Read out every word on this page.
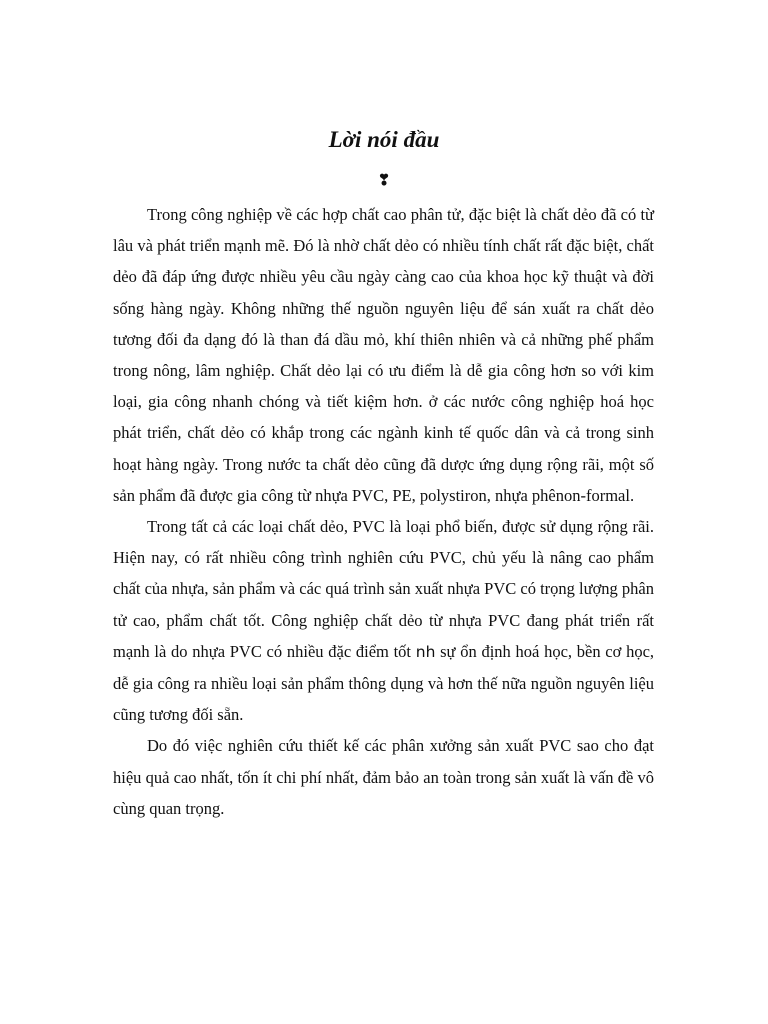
Lời nói đầu
❣

Trong công nghiệp về các hợp chất cao phân tử, đặc biệt là chất dẻo đã có từ lâu và phát triển mạnh mẽ. Đó là nhờ chất dẻo có nhiều tính chất rất đặc biệt, chất dẻo đã đáp ứng được nhiều yêu cầu ngày càng cao của khoa học kỹ thuật và đời sống hàng ngày. Không những thế nguồn nguyên liệu để sán xuất ra chất dẻo tương đối đa dạng đó là than đá dầu mỏ, khí thiên nhiên và cả những phế phẩm trong nông, lâm nghiệp. Chất dẻo lại có ưu điểm là dễ gia công hơn so với kim loại, gia công nhanh chóng và tiết kiệm hơn. ở các nước công nghiệp hoá học phát triển, chất dẻo có khắp trong các ngành kinh tế quốc dân và cả trong sinh hoạt hàng ngày. Trong nước ta chất dẻo cũng đã dược ứng dụng rộng rãi, một số sản phẩm đã được gia công từ nhựa PVC, PE, polystiron, nhựa phênon-formal.

Trong tất cả các loại chất dẻo, PVC là loại phổ biến, được sử dụng rộng rãi. Hiện nay, có rất nhiều công trình nghiên cứu PVC, chủ yếu là nâng cao phẩm chất của nhựa, sản phẩm và các quá trình sản xuất nhựa PVC có trọng lượng phân tử cao, phẩm chất tốt. Công nghiệp chất dẻo từ nhựa PVC đang phát triển rất mạnh là do nhựa PVC có nhiều đặc điểm tốt nh sự ổn định hoá học, bền cơ học, dễ gia công ra nhiều loại sản phẩm thông dụng và hơn thế nữa nguồn nguyên liệu cũng tương đối sẵn.

Do đó việc nghiên cứu thiết kế các phân xưởng sản xuất PVC sao cho đạt hiệu quả cao nhất, tốn ít chi phí nhất, đảm bảo an toàn trong sản xuất là vấn đề vô cùng quan trọng.
